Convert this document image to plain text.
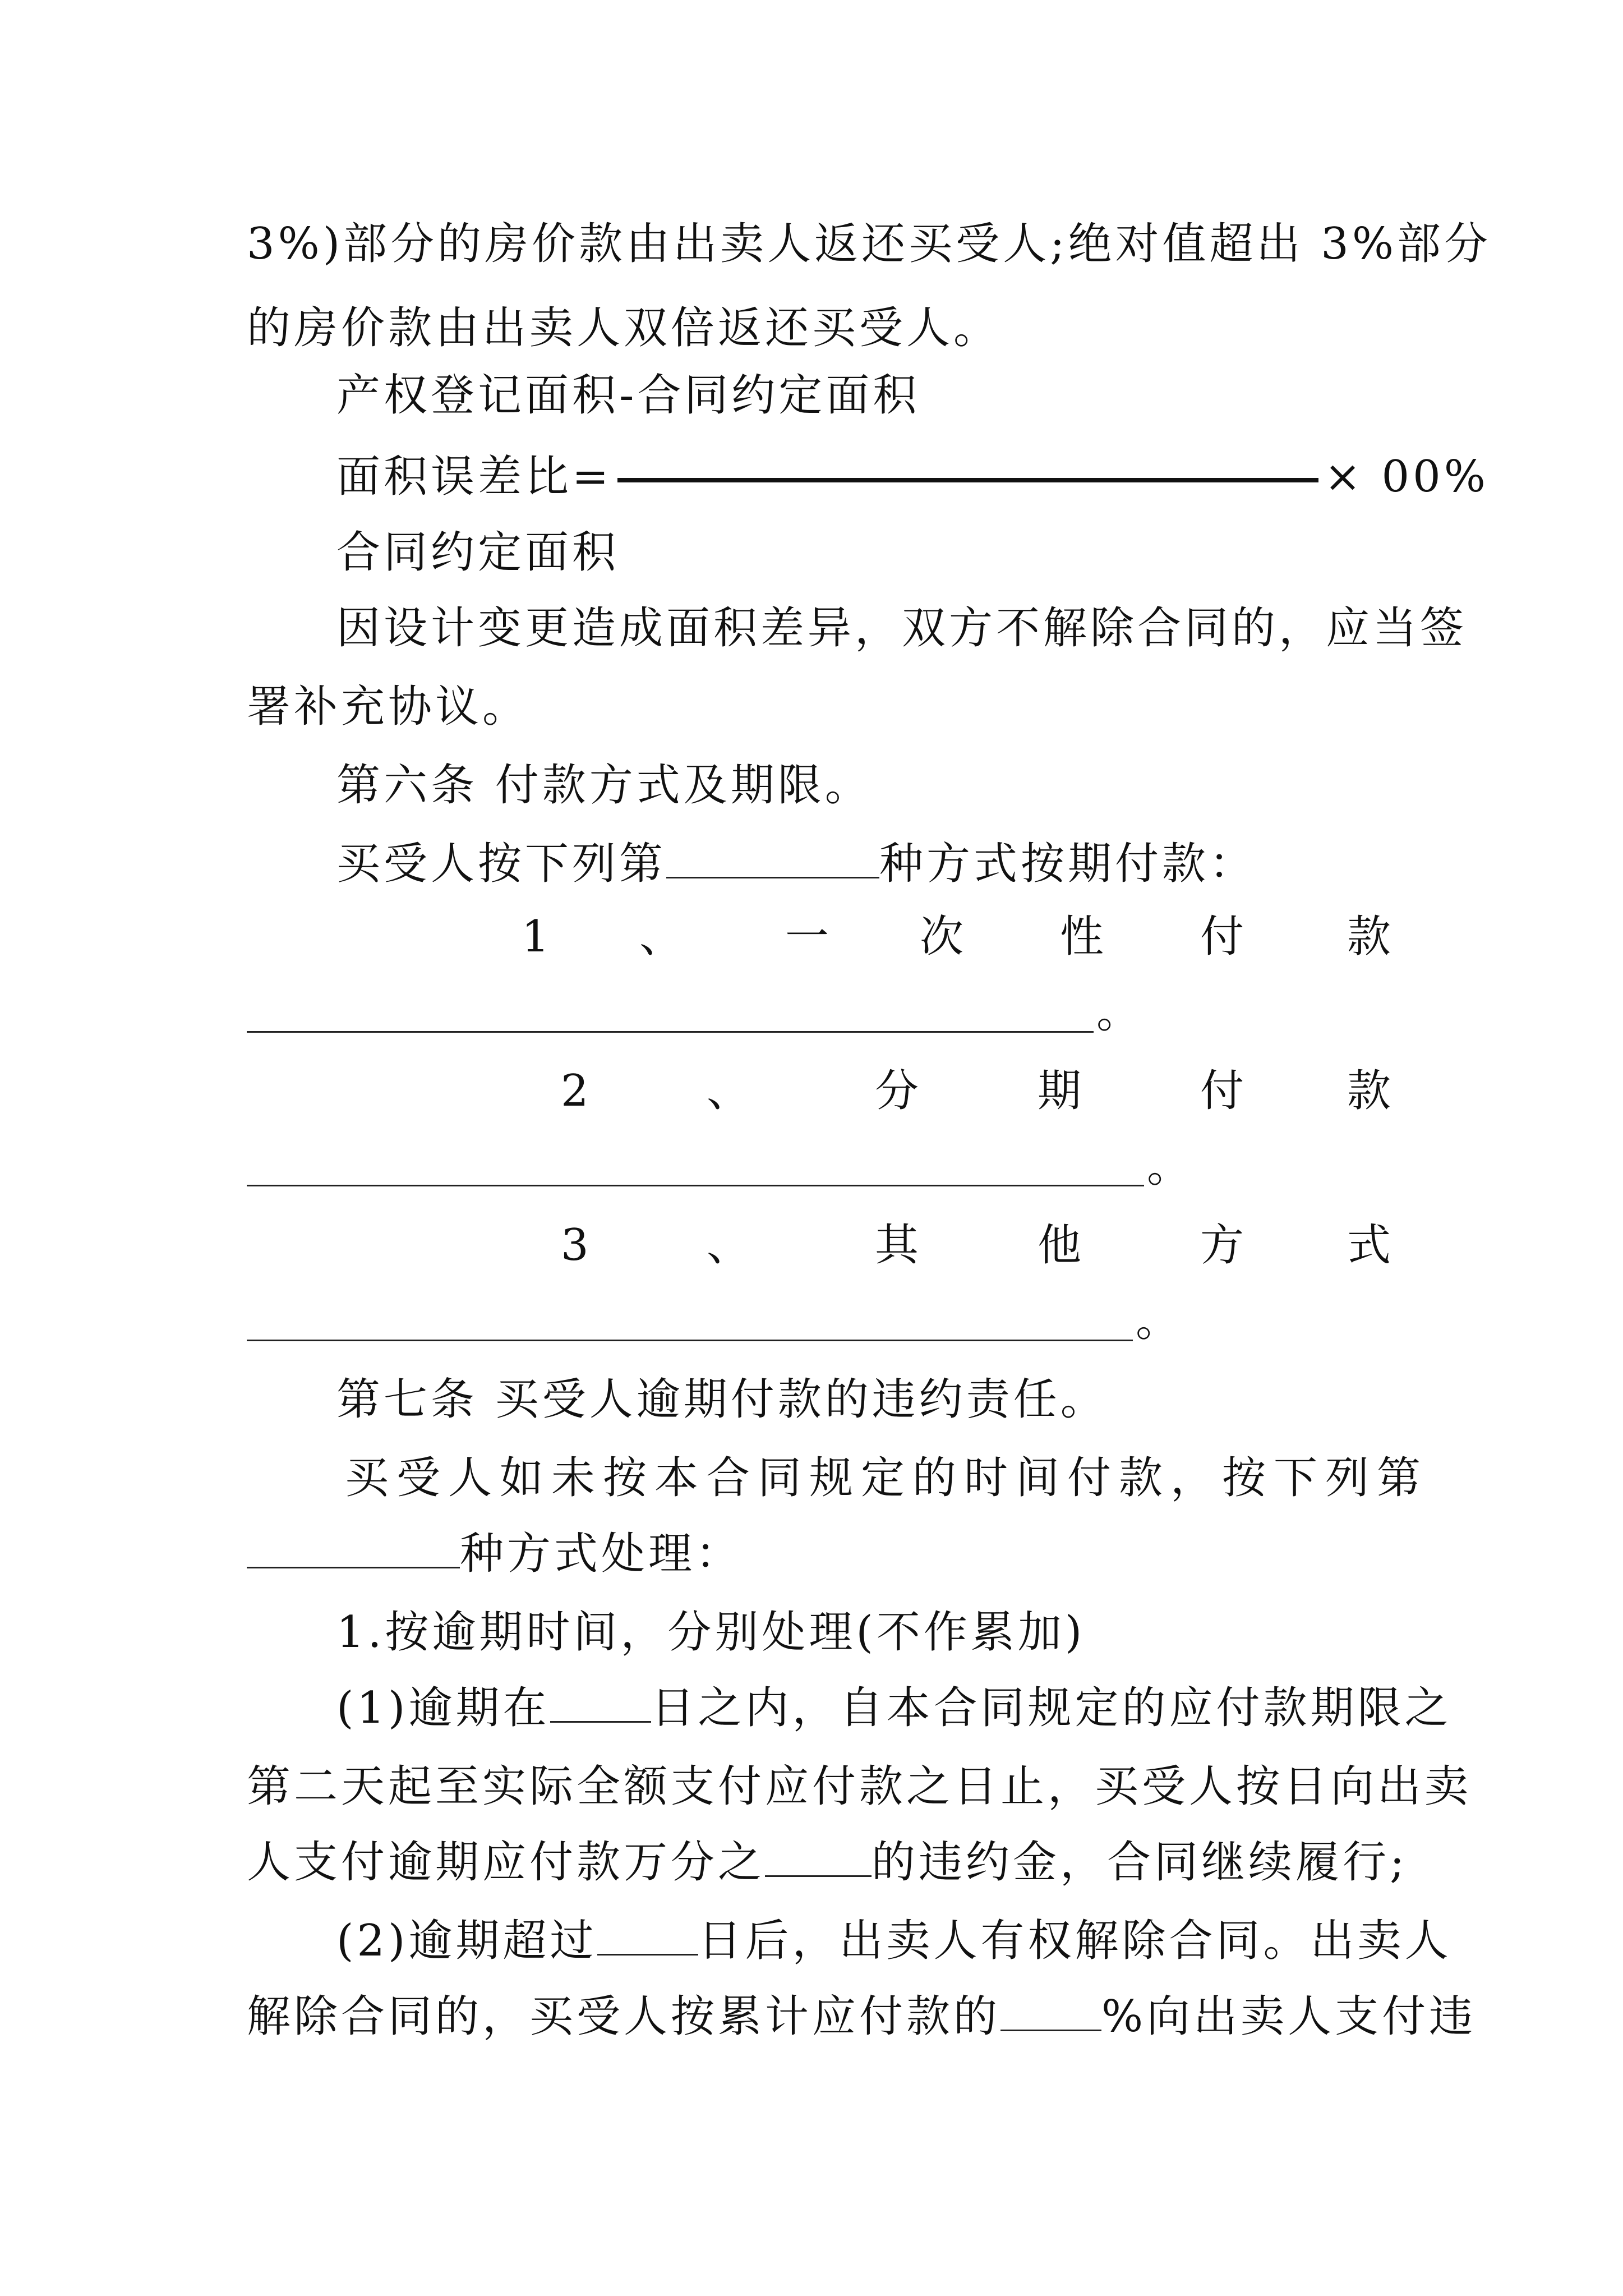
3%)部分的房价款由出卖人返还买受人;绝对值超出 3%部分
的房价款由出卖人双倍返还买受人。
产权登记面积-合同约定面积
面积误差比=	× 00%
合同约定面积
因设计变更造成面积差异，双方不解除合同的，应当签
署补充协议。
第六条 付款方式及期限。
买受人按下列第	种方式按期付款：
1 、 一 次 性 付 款
。
2	、	分	期	付 款
。
3	、	其	他	方 式
。
第七条 买受人逾期付款的违约责任。
买受人如未按本合同规定的时间付款，按下列第
种方式处理：
1.按逾期时间，分别处理(不作累加)
(1)逾期在 日之内，自本合同规定的应付款期限之
第二天起至实际全额支付应付款之日止，买受人按日向出卖
人支付逾期应付款万分之 的违约金，合同继续履行;
(2)逾期超过 日后，出卖人有权解除合同。出卖人
解除合同的，买受人按累计应付款的 %向出卖人支付违
